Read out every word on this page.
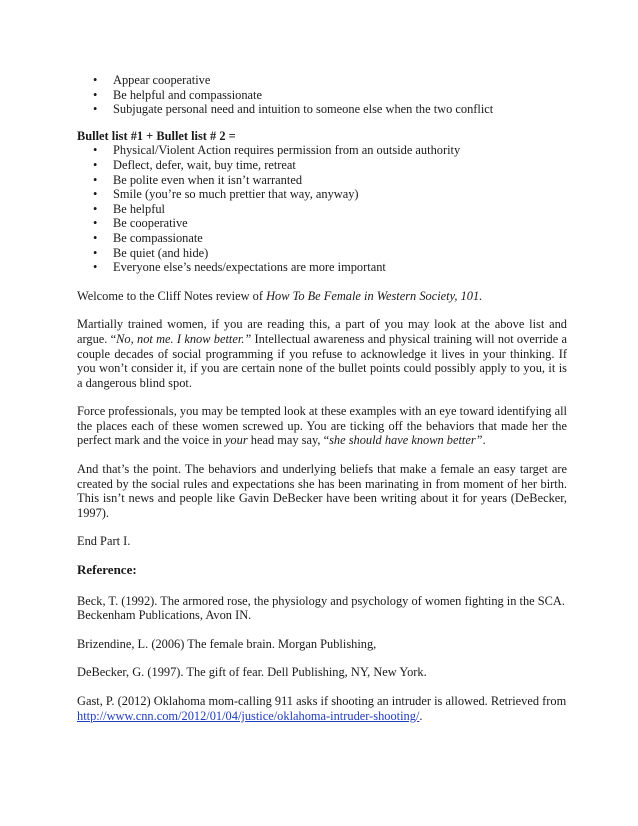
• Appear cooperative
• Be helpful and compassionate
• Subjugate personal need and intuition to someone else when the two conflict

Bullet list #1 + Bullet list # 2 =

• Physical/Violent Action requires permission from an outside authority
• Deflect, defer, wait, buy time, retreat
• Be polite even when it isn’t warranted
• Smile (you’re so much prettier that way, anyway)
• Be helpful
• Be cooperative
• Be compassionate
• Be quiet (and hide)
• Everyone else’s needs/expectations are more important

Welcome to the Cliff Notes review of How To Be Female in Western Society, 101.

Martially trained women, if you are reading this, a part of you may look at the above list and argue. “No, not me. I know better.” Intellectual awareness and physical training will not override a couple decades of social programming if you refuse to acknowledge it lives in your thinking. If you won’t consider it, if you are certain none of the bullet points could possibly apply to you, it is a dangerous blind spot.

Force professionals, you may be tempted look at these examples with an eye toward identifying all the places each of these women screwed up. You are ticking off the behaviors that made her the perfect mark and the voice in your head may say, “she should have known better”.

And that’s the point. The behaviors and underlying beliefs that make a female an easy target are created by the social rules and expectations she has been marinating in from moment of her birth. This isn’t news and people like Gavin DeBecker have been writing about it for years (DeBecker, 1997).

End Part I.

Reference:

Beck, T. (1992). The armored rose, the physiology and psychology of women fighting in the SCA. Beckenham Publications, Avon IN.

Brizendine, L. (2006) The female brain. Morgan Publishing,

DeBecker, G. (1997). The gift of fear. Dell Publishing, NY, New York.

Gast, P. (2012) Oklahoma mom-calling 911 asks if shooting an intruder is allowed. Retrieved from http://www.cnn.com/2012/01/04/justice/oklahoma-intruder-shooting/.
